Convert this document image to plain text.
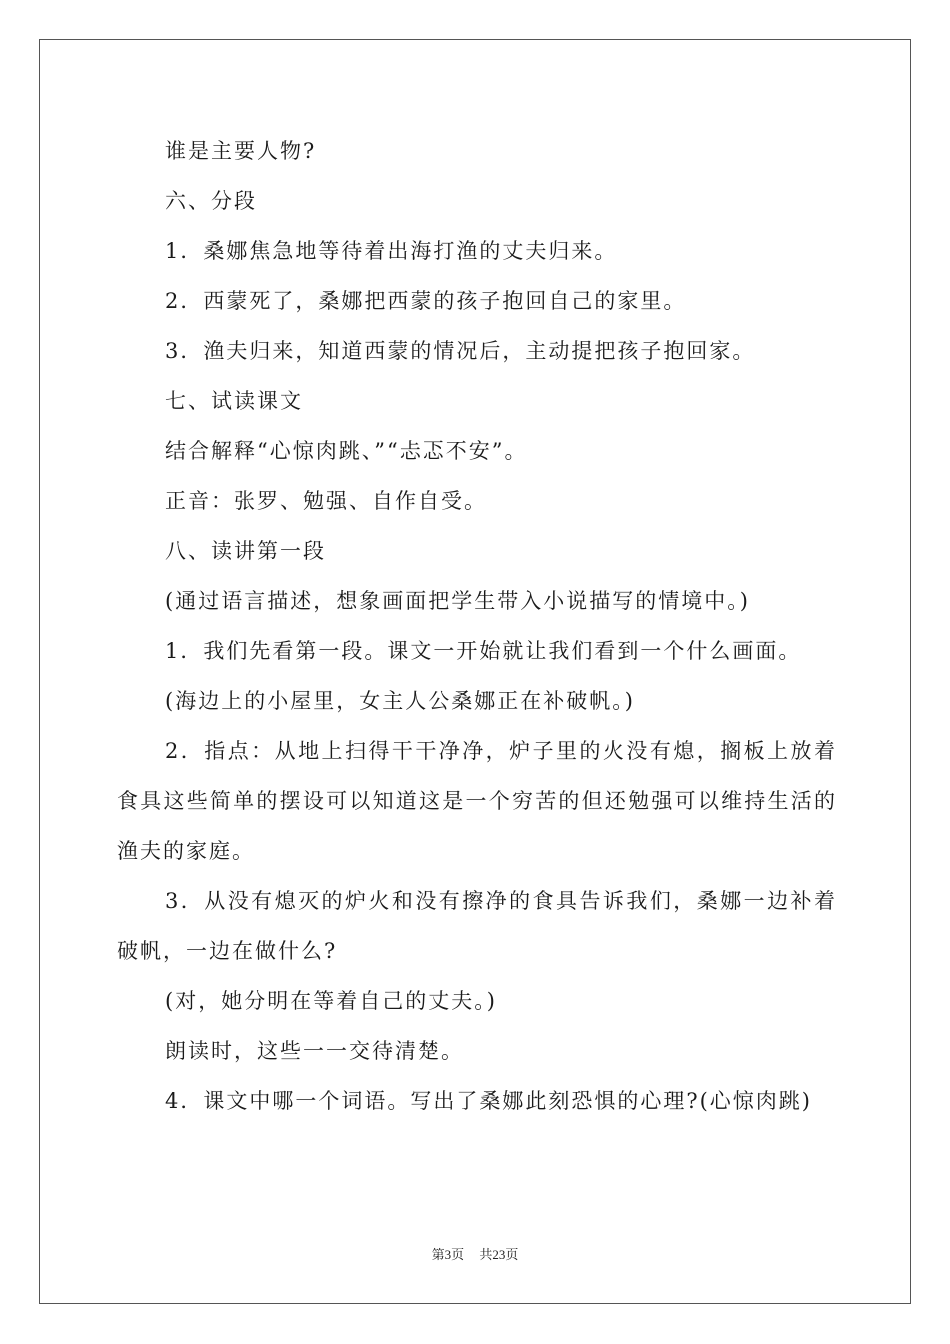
谁是主要人物?

六、分段

1．桑娜焦急地等待着出海打渔的丈夫归来。

2．西蒙死了，桑娜把西蒙的孩子抱回自己的家里。

3．渔夫归来，知道西蒙的情况后，主动提把孩子抱回家。

七、试读课文

结合解释“心惊肉跳、”“忐忑不安”。

正音：张罗、勉强、自作自受。

八、读讲第一段

(通过语言描述，想象画面把学生带入小说描写的情境中。)

1．我们先看第一段。课文一开始就让我们看到一个什么画面。

(海边上的小屋里，女主人公桑娜正在补破帆。)

2．指点：从地上扫得干干净净，炉子里的火没有熄，搁板上放着食具这些简单的摆设可以知道这是一个穷苦的但还勉强可以维持生活的渔夫的家庭。

3．从没有熄灭的炉火和没有擦净的食具告诉我们，桑娜一边补着破帆，一边在做什么?

(对，她分明在等着自己的丈夫。)

朗读时，这些一一交待清楚。

4．课文中哪一个词语。写出了桑娜此刻恐惧的心理?(心惊肉跳)

第3页 共23页
